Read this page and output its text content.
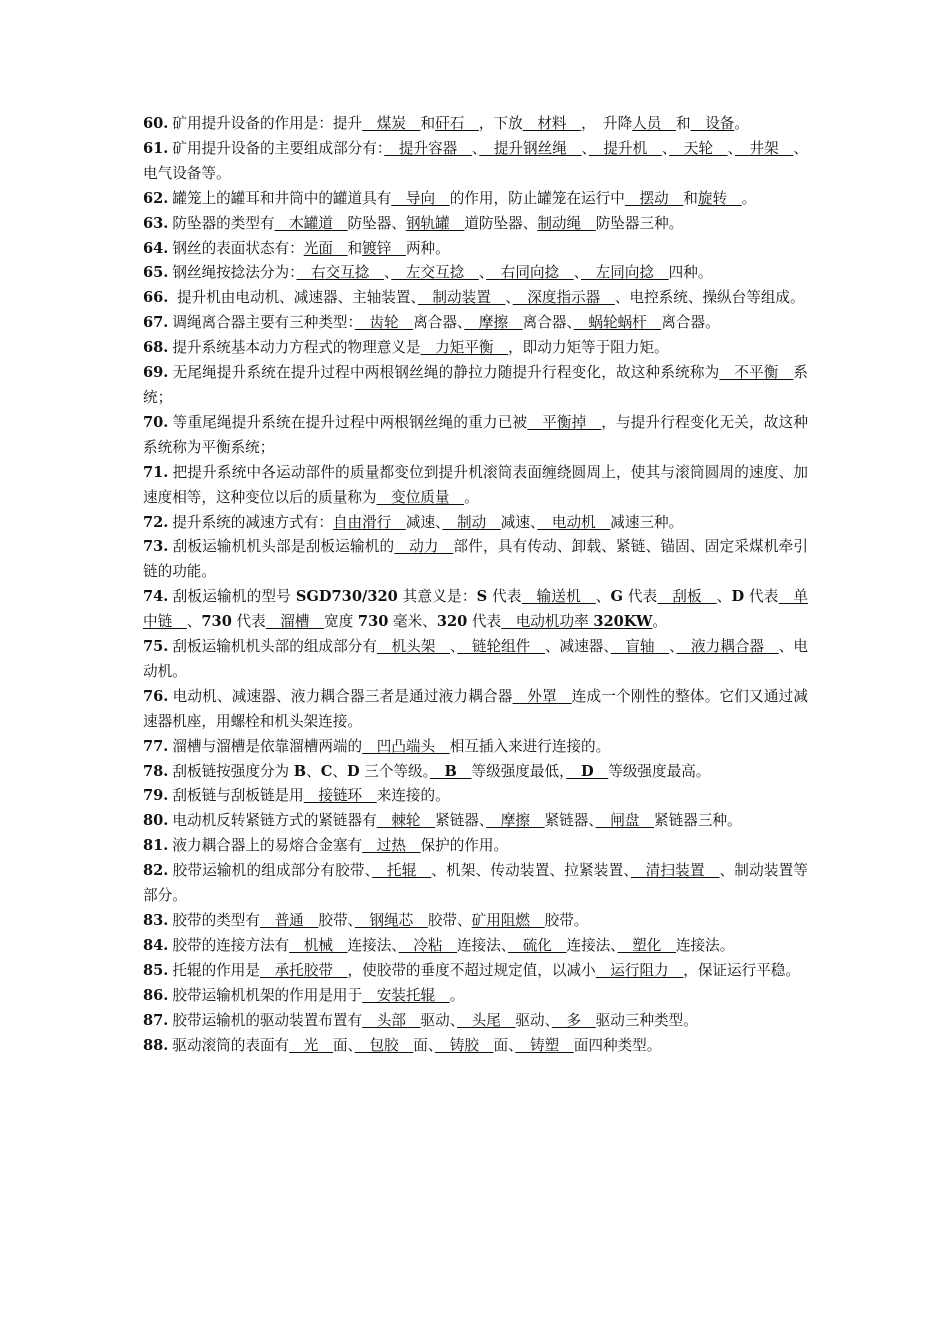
60. 矿用提升设备的作用是：提升　煤炭　和矸石　，下放　材料　，　升降人员　和　设备。

61. 矿用提升设备的主要组成部分有：　提升容器　、　提升钢丝绳　、　提升机　、　天轮　、　井架　、电气设备等。

62. 罐笼上的罐耳和井筒中的罐道具有　导向　的作用，防止罐笼在运行中　摆动　和旋转　。

63. 防坠器的类型有　木罐道　防坠器、钢轨罐　道防坠器、制动绳　防坠器三种。

64. 钢丝的表面状态有：光面　和镀锌　两种。

65. 钢丝绳按捻法分为：　右交互捻　、　左交互捻　、　右同向捻　、　左同向捻　四种。

66. 提升机由电动机、减速器、主轴装置、　制动装置　、　深度指示器　、电控系统、操纵台等组成。

67. 调绳离合器主要有三种类型：　齿轮　离合器、　摩擦　离合器、　蜗轮蜗杆　离合器。

68. 提升系统基本动力方程式的物理意义是　力矩平衡　，即动力矩等于阻力矩。

69. 无尾绳提升系统在提升过程中两根钢丝绳的静拉力随提升行程变化，故这种系统称为　不平衡　系统；

70. 等重尾绳提升系统在提升过程中两根钢丝绳的重力已被　平衡掉　，与提升行程变化无关，故这种系统称为平衡系统；

71. 把提升系统中各运动部件的质量都变位到提升机滚筒表面缠绕圆周上，使其与滚筒圆周的速度、加速度相等，这种变位以后的质量称为　变位质量　。

72. 提升系统的减速方式有：自由滑行　减速、　制动　减速、　电动机　减速三种。

73. 刮板运输机机头部是刮板运输机的　动力　部件，具有传动、卸载、紧链、锚固、固定采煤机牵引链的功能。

74. 刮板运输机的型号 SGD730/320 其意义是：S 代表　输送机　、G 代表　刮板　、D 代表　单中链　、730 代表　溜槽　宽度 730 毫米、320 代表　电动机功率 320KW。

75. 刮板运输机机头部的组成部分有　机头架　、　链轮组件　、减速器、　盲轴　、　液力耦合器　、电动机。

76. 电动机、减速器、液力耦合器三者是通过液力耦合器　外罩　连成一个刚性的整体。它们又通过减速器机座，用螺栓和机头架连接。

77. 溜槽与溜槽是依靠溜槽两端的　凹凸端头　相互插入来进行连接的。

78. 刮板链按强度分为 B、C、D 三个等级。　 B　 等级强度最低，　 D　 等级强度最高。

79. 刮板链与刮板链是用　接链环　来连接的。

80. 电动机反转紧链方式的紧链器有　棘轮　紧链器、　摩擦　紧链器、　闸盘　紧链器三种。

81. 液力耦合器上的易熔合金塞有　过热　保护的作用。

82. 胶带运输机的组成部分有胶带、　托辊　、机架、传动装置、拉紧装置、　清扫装置　、制动装置等部分。

83. 胶带的类型有　普通　胶带、　钢绳芯　胶带、矿用阻燃　胶带。

84. 胶带的连接方法有　机械　连接法、　冷粘　连接法、　硫化　连接法、　塑化　连接法。

85. 托辊的作用是　承托胶带　，使胶带的垂度不超过规定值，以减小　运行阻力　，保证运行平稳。

86. 胶带运输机机架的作用是用于　安装托辊　。

87. 胶带运输机的驱动装置布置有　头部　驱动、　头尾　驱动、　多　驱动三种类型。

88. 驱动滚筒的表面有　光　面、　包胶　面、　铸胶　面、　铸塑　面四种类型。
